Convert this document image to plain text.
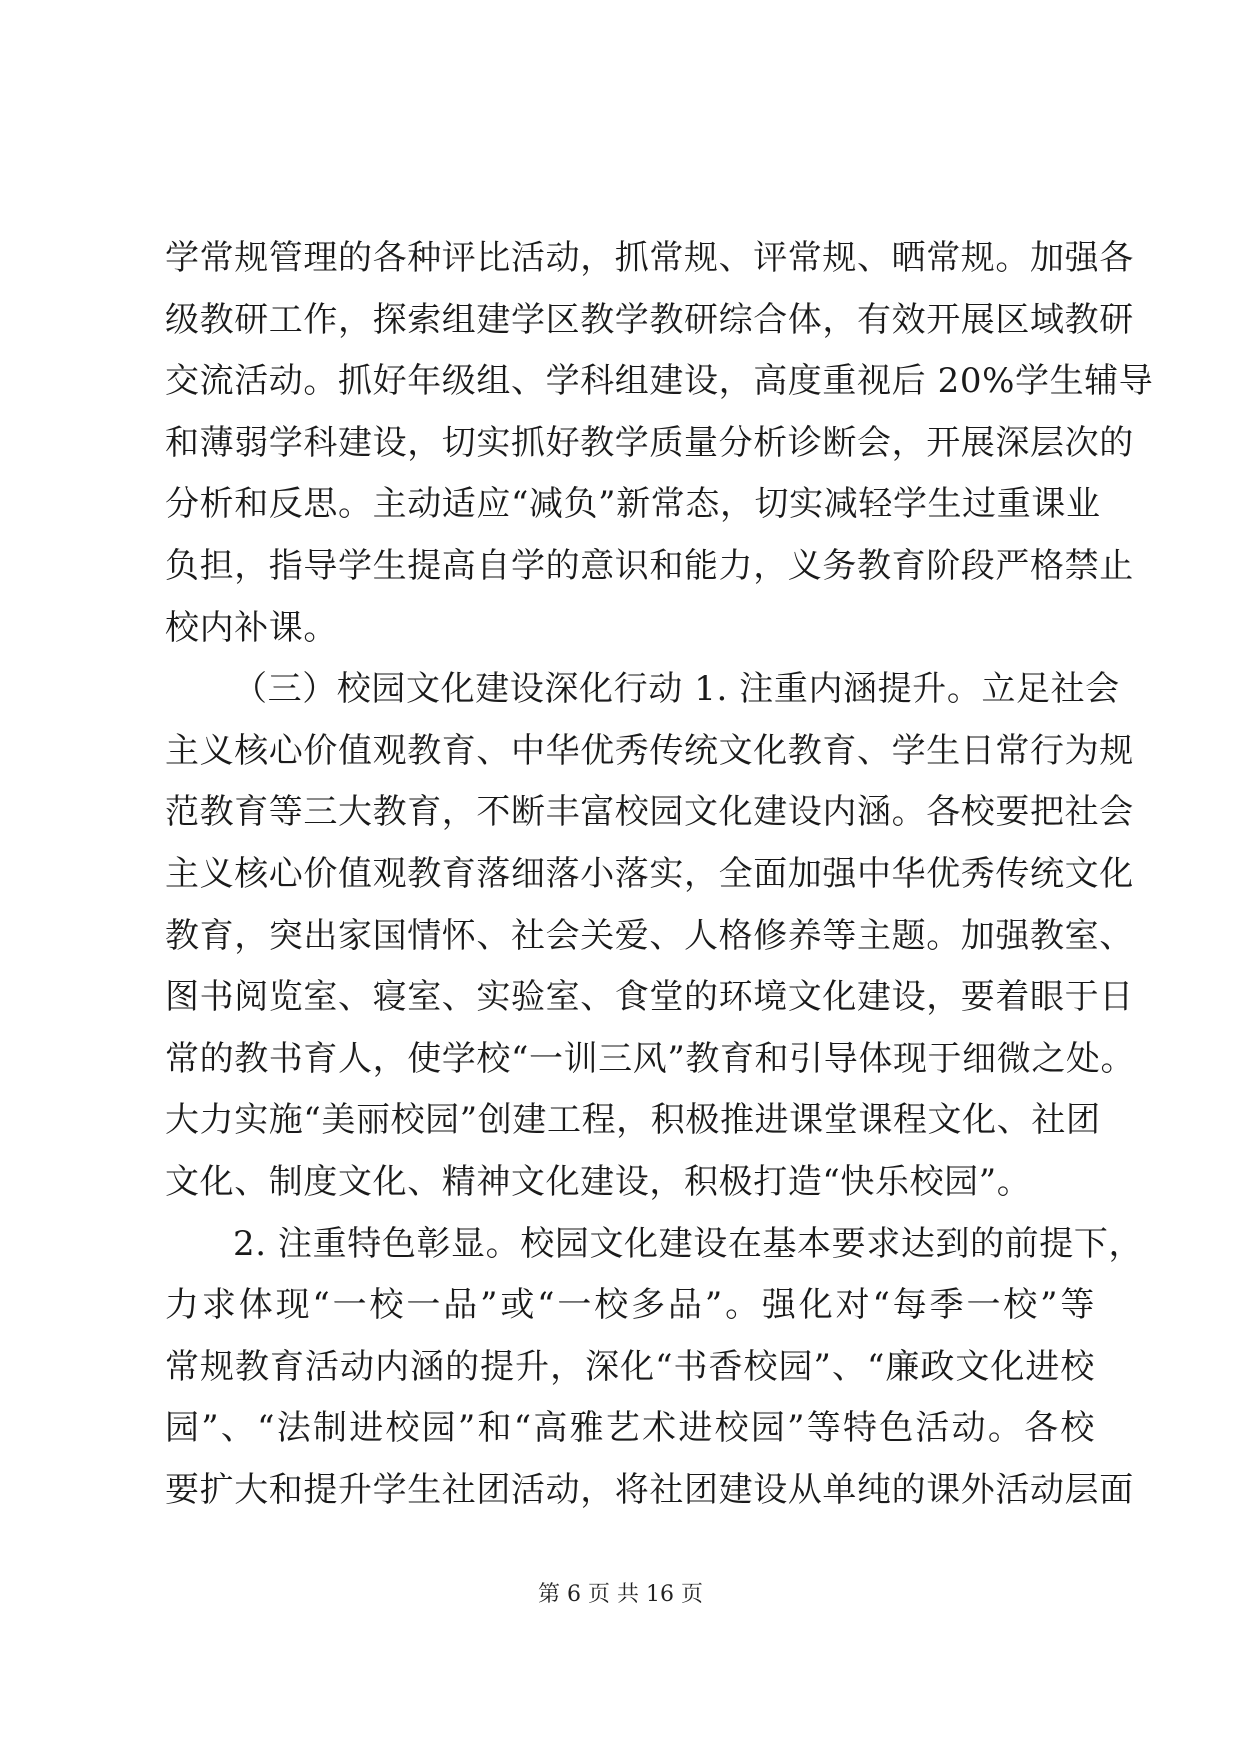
学常规管理的各种评比活动，抓常规、评常规、晒常规。加强各
级教研工作，探索组建学区教学教研综合体，有效开展区域教研
交流活动。抓好年级组、学科组建设，高度重视后 20%学生辅导
和薄弱学科建设，切实抓好教学质量分析诊断会，开展深层次的
分析和反思。主动适应“减负”新常态，切实减轻学生过重课业
负担，指导学生提高自学的意识和能力，义务教育阶段严格禁止
校内补课。
（三）校园文化建设深化行动 1. 注重内涵提升。立足社会
主义核心价值观教育、中华优秀传统文化教育、学生日常行为规
范教育等三大教育，不断丰富校园文化建设内涵。各校要把社会
主义核心价值观教育落细落小落实，全面加强中华优秀传统文化
教育，突出家国情怀、社会关爱、人格修养等主题。加强教室、
图书阅览室、寝室、实验室、食堂的环境文化建设，要着眼于日
常的教书育人，使学校“一训三风”教育和引导体现于细微之处。
大力实施“美丽校园”创建工程，积极推进课堂课程文化、社团
文化、制度文化、精神文化建设，积极打造“快乐校园”。
2. 注重特色彰显。校园文化建设在基本要求达到的前提下，
力求体现“一校一品”或“一校多品”。强化对“每季一校”等
常规教育活动内涵的提升，深化“书香校园”、“廉政文化进校
园”、“法制进校园”和“高雅艺术进校园”等特色活动。各校
要扩大和提升学生社团活动，将社团建设从单纯的课外活动层面
第 6 页 共 16 页
